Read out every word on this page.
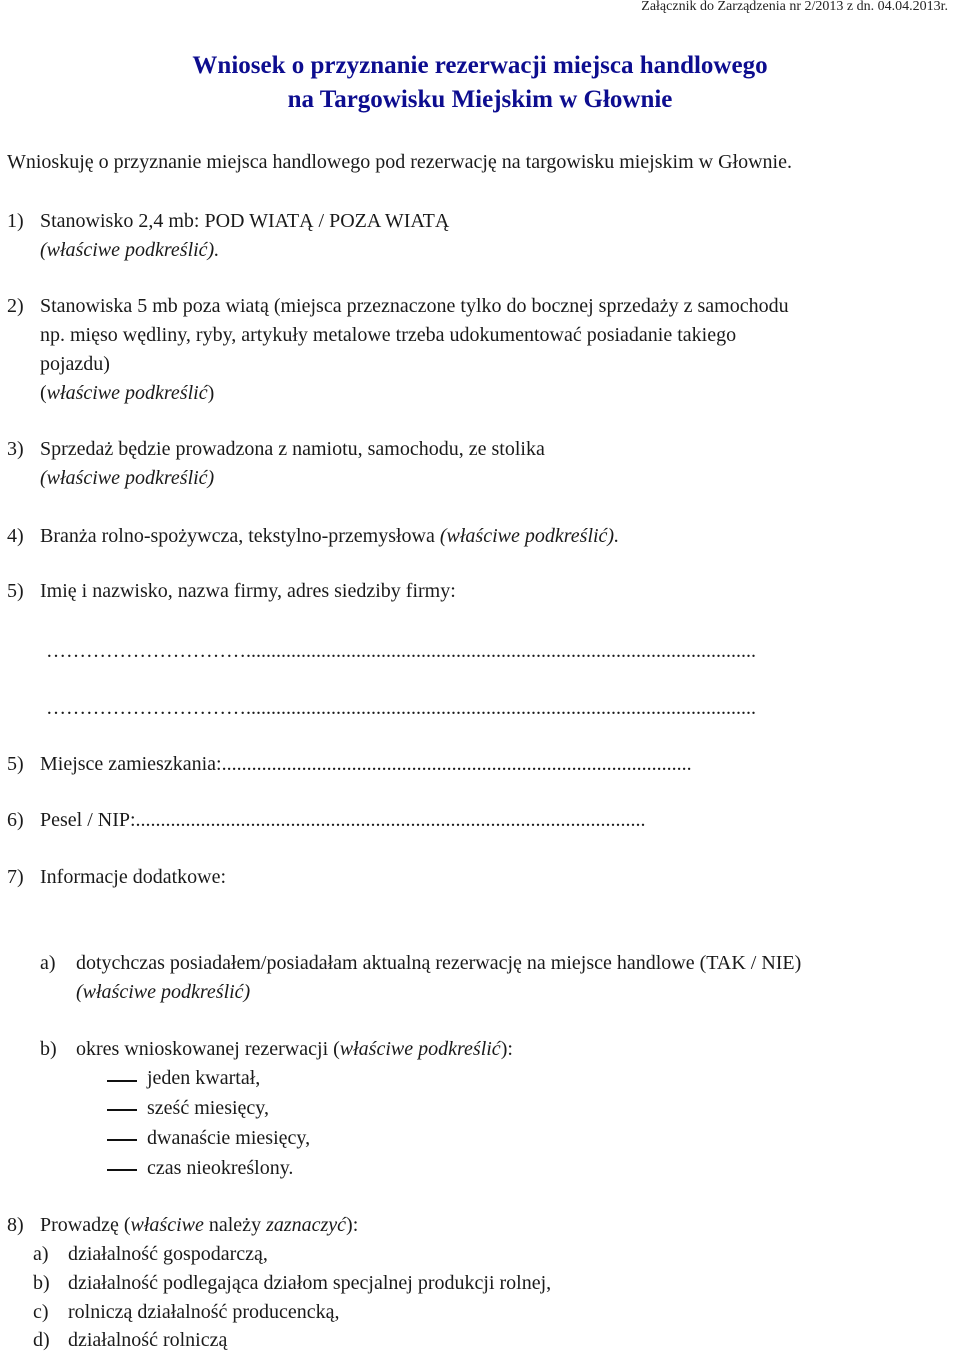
Załącznik do Zarządzenia nr 2/2013 z dn. 04.04.2013r.
Wniosek o przyznanie rezerwacji miejsca handlowego
na Targowisku Miejskim w Głownie
Wnioskuję o przyznanie miejsca handlowego pod rezerwację na targowisku miejskim w Głownie.
1) Stanowisko 2,4 mb: POD WIATĄ / POZA WIATĄ
(właściwe podkreślić).
2) Stanowiska 5 mb poza wiatą (miejsca przeznaczone tylko do bocznej sprzedaży z samochodu
np. mięso wędliny, ryby, artykuły metalowe trzeba udokumentować posiadanie takiego
pojazdu)
(właściwe podkreślić)
3) Sprzedaż będzie prowadzona z namiotu, samochodu, ze stolika
(właściwe podkreślić)
4) Branża rolno-spożywcza, tekstylno-przemysłowa (właściwe podkreślić).
5) Imię i nazwisko, nazwa firmy, adres siedziby firmy:
…………………………......................................................................................................
…………………………......................................................................................................
5) Miejsce zamieszkania:..............................................................................................
6) Pesel / NIP:......................................................................................................
7) Informacje dodatkowe:
a) dotychczas posiadałem/posiadałam aktualną rezerwację na miejsce handlowe (TAK / NIE)
(właściwe podkreślić)
b) okres wnioskowanej rezerwacji (właściwe podkreślić):
jeden kwartał,
sześć miesięcy,
dwanaście miesięcy,
czas nieokreślony.
8) Prowadzę (właściwe należy zaznaczyć):
a) działalność gospodarczą,
b) działalność podlegająca działom specjalnej produkcji rolnej,
c) rolniczą działalność producencką,
d) działalność rolniczą
